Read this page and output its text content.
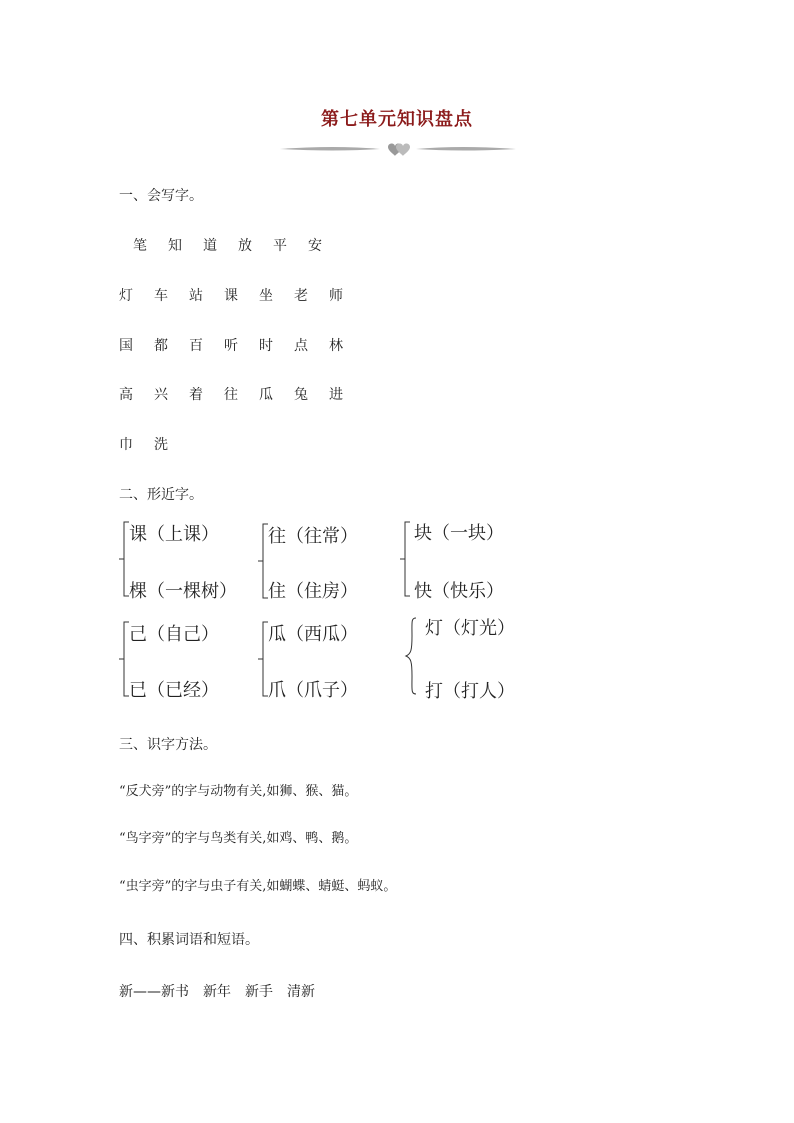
第七单元知识盘点
一、会写字。
笔 知 道 放 平 安
灯 车 站 课 坐 老 师
国 都 百 听 时 点 林
高 兴 着 往 瓜 兔 进
巾 洗
二、形近字。
课（上课）
棵（一棵树）
往（往常）
住（住房）
块（一块）
快（快乐）
己（自己）
已（已经）
瓜（西瓜）
爪（爪子）
灯（灯光）
打（打人）
三、识字方法。
“反犬旁”的字与动物有关,如狮、猴、猫。
“鸟字旁”的字与鸟类有关,如鸡、鸭、鹅。
“虫字旁”的字与虫子有关,如蝴蝶、蜻蜓、蚂蚁。
四、积累词语和短语。
新——新书 新年 新手 清新
